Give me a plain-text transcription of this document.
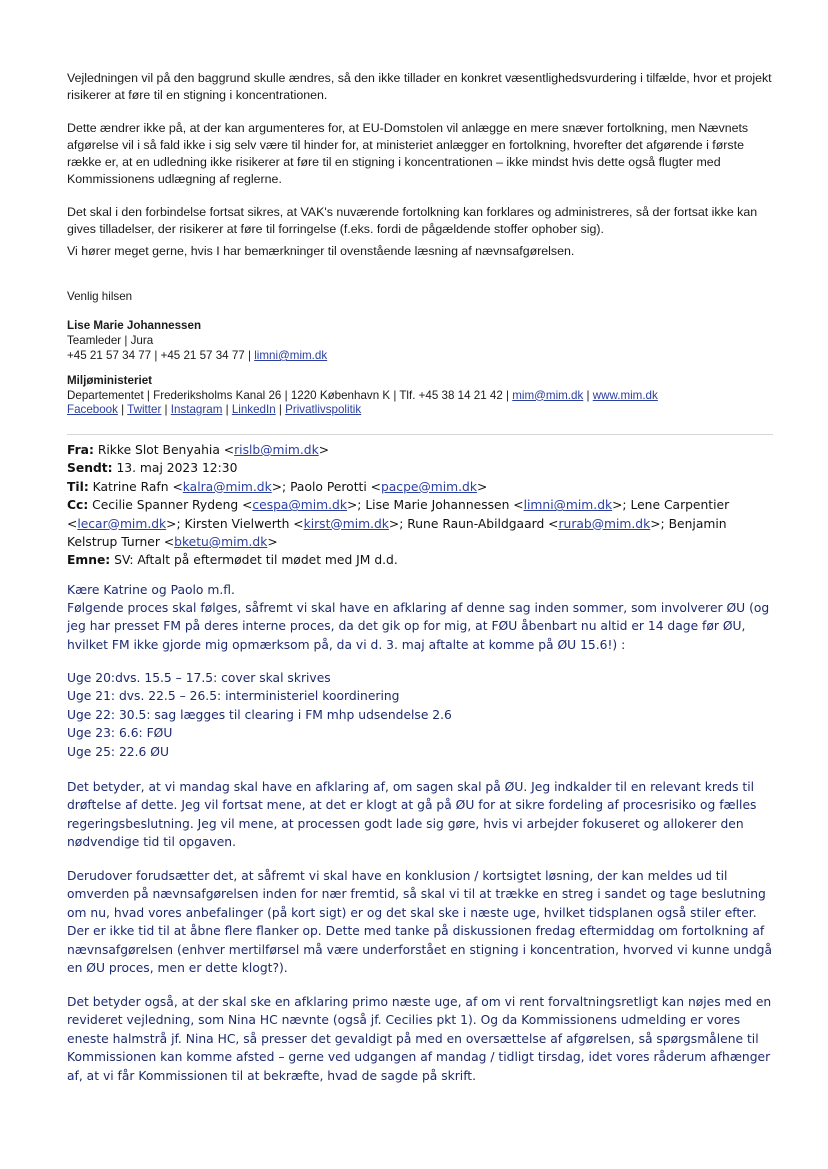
Vejledningen vil på den baggrund skulle ændres, så den ikke tillader en konkret væsentlighedsvurdering i tilfælde, hvor et projekt risikerer at føre til en stigning i koncentrationen.

Dette ændrer ikke på, at der kan argumenteres for, at EU-Domstolen vil anlægge en mere snæver fortolkning, men Nævnets afgørelse vil i så fald ikke i sig selv være til hinder for, at ministeriet anlægger en fortolkning, hvorefter det afgørende i første række er, at en udledning ikke risikerer at føre til en stigning i koncentrationen – ikke mindst hvis dette også flugter med Kommissionens udlægning af reglerne.

Det skal i den forbindelse fortsat sikres, at VAK's nuværende fortolkning kan forklares og administreres, så der fortsat ikke kan gives tilladelser, der risikerer at føre til forringelse (f.eks. fordi de pågældende stoffer ophober sig).

Vi hører meget gerne, hvis I har bemærkninger til ovenstående læsning af nævnsafgørelsen.

Venlig hilsen
Lise Marie Johannessen
Teamleder | Jura
+45 21 57 34 77 | +45 21 57 34 77 | limni@mim.dk
Miljøministeriet
Departementet | Frederiksholms Kanal 26 | 1220 København K | Tlf. +45 38 14 21 42 | mim@mim.dk | www.mim.dk
Facebook | Twitter | Instagram | LinkedIn | Privatlivspolitik
Fra: Rikke Slot Benyahia <rislb@mim.dk>
Sendt: 13. maj 2023 12:30
Til: Katrine Rafn <kalra@mim.dk>; Paolo Perotti <pacpe@mim.dk>
Cc: Cecilie Spanner Rydeng <cespa@mim.dk>; Lise Marie Johannessen <limni@mim.dk>; Lene Carpentier <lecar@mim.dk>; Kirsten Vielwerth <kirst@mim.dk>; Rune Raun-Abildgaard <rurab@mim.dk>; Benjamin Kelstrup Turner <bketu@mim.dk>
Emne: SV: Aftalt på eftermødet til mødet med JM d.d.
Kære Katrine og Paolo m.fl.
Følgende proces skal følges, såfremt vi skal have en afklaring af denne sag inden sommer, som involverer ØU (og jeg har presset FM på deres interne proces, da det gik op for mig, at FØU åbenbart nu altid er 14 dage før ØU, hvilket FM ikke gjorde mig opmærksom på, da vi d. 3. maj aftalte at komme på ØU 15.6!) :
Uge 20:dvs. 15.5 – 17.5: cover skal skrives
Uge 21: dvs. 22.5 – 26.5: interministeriel koordinering
Uge 22: 30.5: sag lægges til clearing i FM mhp udsendelse 2.6
Uge 23: 6.6: FØU
Uge 25: 22.6 ØU
Det betyder, at vi mandag skal have en afklaring af, om sagen skal på ØU. Jeg indkalder til en relevant kreds til drøftelse af dette. Jeg vil fortsat mene, at det er klogt at gå på ØU for at sikre fordeling af procesrisiko og fælles regeringsbeslutning. Jeg vil mene, at processen godt lade sig gøre, hvis vi arbejder fokuseret og allokerer den nødvendige tid til opgaven.
Derudover forudsætter det, at såfremt vi skal have en konklusion / kortsigtet løsning, der kan meldes ud til omverden på nævnsafgørelsen inden for nær fremtid, så skal vi til at trække en streg i sandet og tage beslutning om nu, hvad vores anbefalinger (på kort sigt) er og det skal ske i næste uge, hvilket tidsplanen også stiler efter. Der er ikke tid til at åbne flere flanker op. Dette med tanke på diskussionen fredag eftermiddag om fortolkning af nævnsafgørelsen (enhver mertilførsel må være underforstået en stigning i koncentration, hvorved vi kunne undgå en ØU proces, men er dette klogt?).
Det betyder også, at der skal ske en afklaring primo næste uge, af om vi rent forvaltningsretligt kan nøjes med en revideret vejledning, som Nina HC nævnte (også jf. Cecilies pkt 1). Og da Kommissionens udmelding er vores eneste halmstrå jf. Nina HC, så presser det gevaldigt på med en oversættelse af afgørelsen, så spørgsmålene til Kommissionen kan komme afsted – gerne ved udgangen af mandag / tidligt tirsdag, idet vores råderum afhænger af, at vi får Kommissionen til at bekræfte, hvad de sagde på skrift.
